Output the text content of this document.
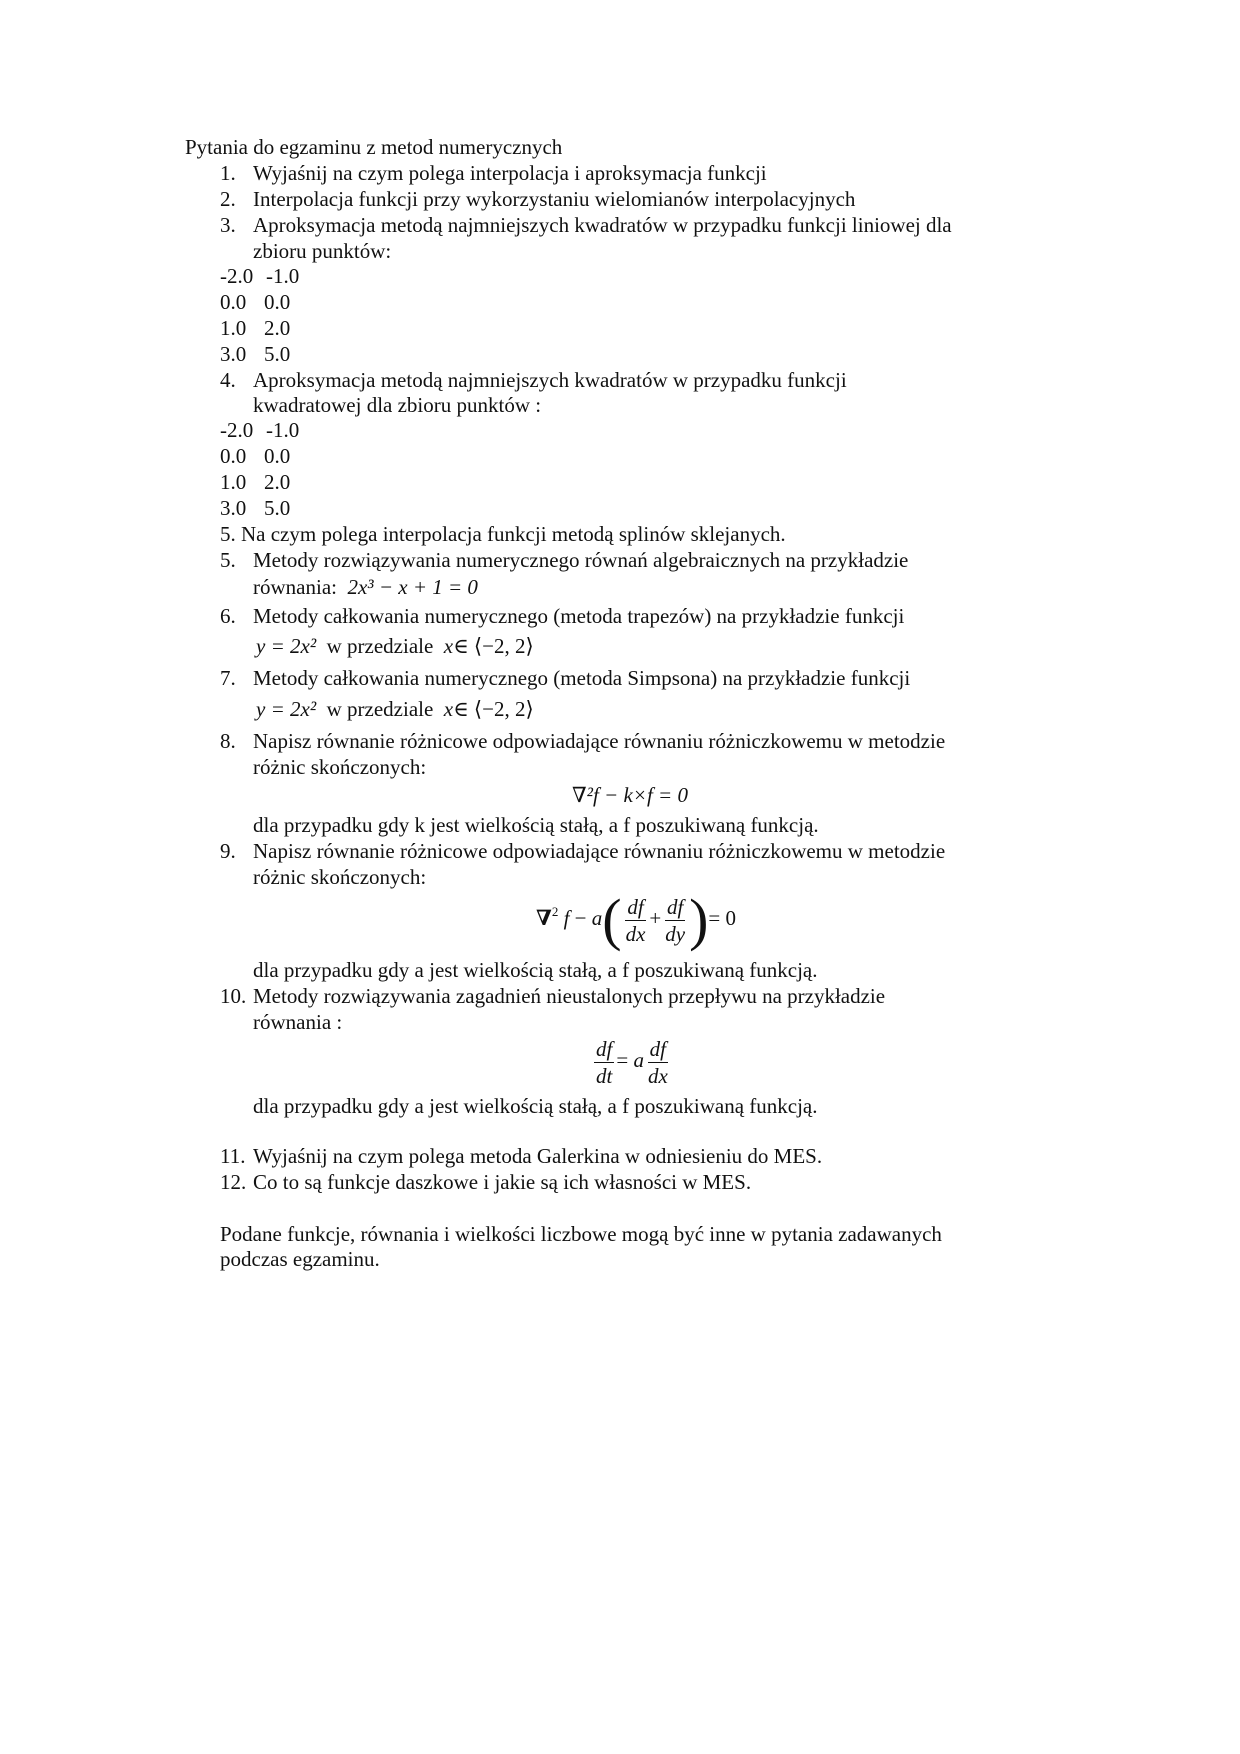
Pytania do egzaminu z metod numerycznych
1. Wyjaśnij na czym polega interpolacja i aproksymacja funkcji
2. Interpolacja funkcji przy wykorzystaniu wielomianów interpolacyjnych
3. Aproksymacja metodą najmniejszych kwadratów w przypadku funkcji liniowej dla
zbioru punktów:
-2.0 -1.0
0.0 0.0
1.0 2.0
3.0 5.0
4. Aproksymacja metodą najmniejszych kwadratów w przypadku funkcji
kwadratowej dla zbioru punktów :
-2.0 -1.0
0.0 0.0
1.0 2.0
3.0 5.0
5. Na czym polega interpolacja funkcji metodą splinów sklejanych.
5. Metody rozwiązywania numerycznego równań algebraicznych na przykładzie
równania: 2x³ − x + 1 = 0
6. Metody całkowania numerycznego (metoda trapezów) na przykładzie funkcji
y = 2x² w przedziale x∈ ⟨−2, 2⟩
7. Metody całkowania numerycznego (metoda Simpsona) na przykładzie funkcji
y = 2x² w przedziale x∈ ⟨−2, 2⟩
8. Napisz równanie różnicowe odpowiadające równaniu różniczkowemu w metodzie
różnic skończonych:
∇²f − k×f = 0
dla przypadku gdy k jest wielkością stałą, a f poszukiwaną funkcją.
9. Napisz równanie różnicowe odpowiadające równaniu różniczkowemu w metodzie
różnic skończonych:
∇$^2$ $f - a( \frac{df}{dx} + \frac{df}{dy}$ )= 0
dla przypadku gdy a jest wielkością stałą, a f poszukiwaną funkcją.
10. Metody rozwiązywania zagadnień nieustalonych przepływu na przykładzie
równania :
$\frac{df}{dt} = a \frac{df}{dx}$
dla przypadku gdy a jest wielkością stałą, a f poszukiwaną funkcją.
11. Wyjaśnij na czym polega metoda Galerkina w odniesieniu do MES.
12. Co to są funkcje daszkowe i jakie są ich własności w MES.
Podane funkcje, równania i wielkości liczbowe mogą być inne w pytania zadawanych
podczas egzaminu.
